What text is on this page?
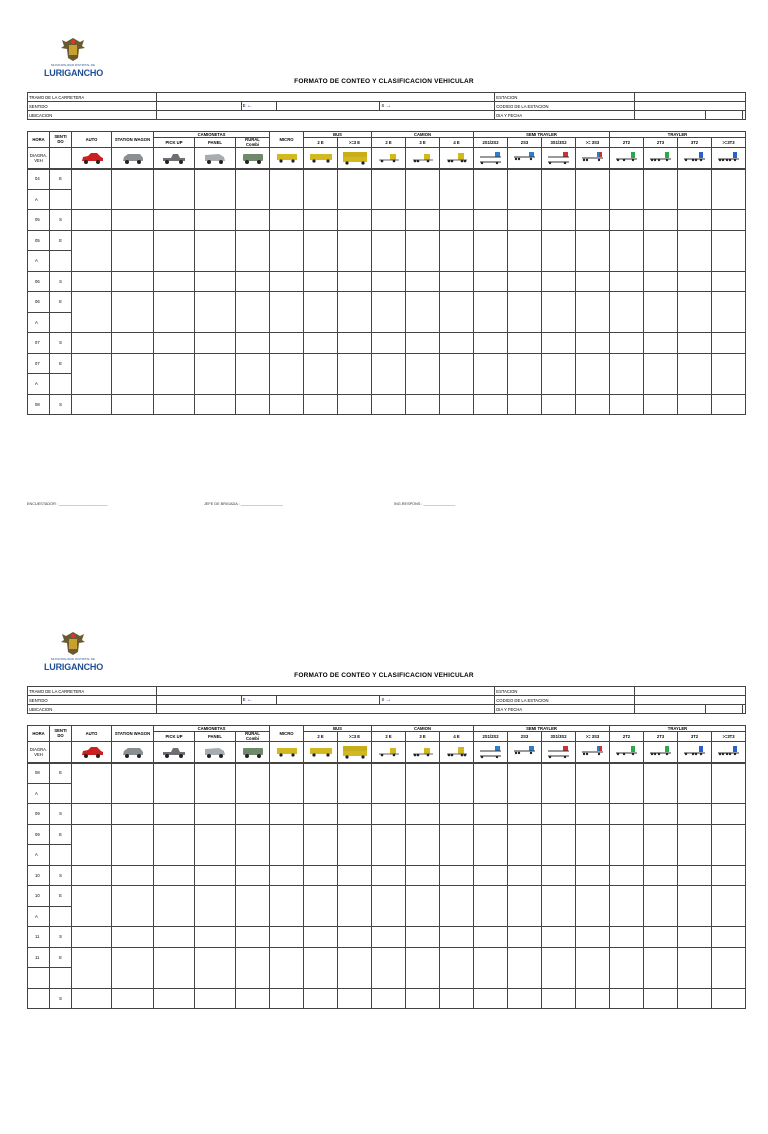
MUNICIPALIDAD DISTRITAL DE
LURIGANCHO
FORMATO DE CONTEO Y CLASIFICACION VEHICULAR
TRAMO DE LA CARRETERA					ESTACION			
SENTIDO		E ←		S →	CODIGO DE LA ESTACION			
UBICACION					DIA Y FECHA			
HORA	SENTI DO	AUTO	STATION WAGON	CAMIONETAS			MICRO	BUS		CAMION			SEMI TRAYLER				TRAYLER			
				PICK UP	PANEL	RURAL
Combi		2 E	>=3 E	2 E	3 E	4 E	2S1/2S2	2S3	3S1/3S2	>= 3S3	2T2	2T3	3T2	>=3T3
DIAGRA. VEH																				
04	E																			
A																				
05	S																			
05	E																			
A																				
06	S																			
06	E																			
A																				
07	S																			
07	E																			
A																				
08	S																			
ENCUESTADOR : _______________________	JEFE DE BRIGADA : ____________________	ING.RESPONS : _______________
MUNICIPALIDAD DISTRITAL DE
LURIGANCHO
FORMATO DE CONTEO Y CLASIFICACION VEHICULAR
TRAMO DE LA CARRETERA					ESTACION			
SENTIDO		E ←		S →	CODIGO DE LA ESTACION			
UBICACION					DIA Y FECHA			
HORA	SENTI DO	AUTO	STATION WAGON	CAMIONETAS			MICRO	BUS		CAMION			SEMI TRAYLER				TRAYLER			
				PICK UP	PANEL	RURAL
Combi		2 E	>=3 E	2 E	3 E	4 E	2S1/2S2	2S3	3S1/3S2	>= 3S3	2T2	2T3	3T2	>=3T3
DIAGRA. VEH																				
08	E																			
A																				
09	S																			
09	E																			
A																				
10	S																			
10	E																			
A																				
11	S																			
11	E																			

	S																			
